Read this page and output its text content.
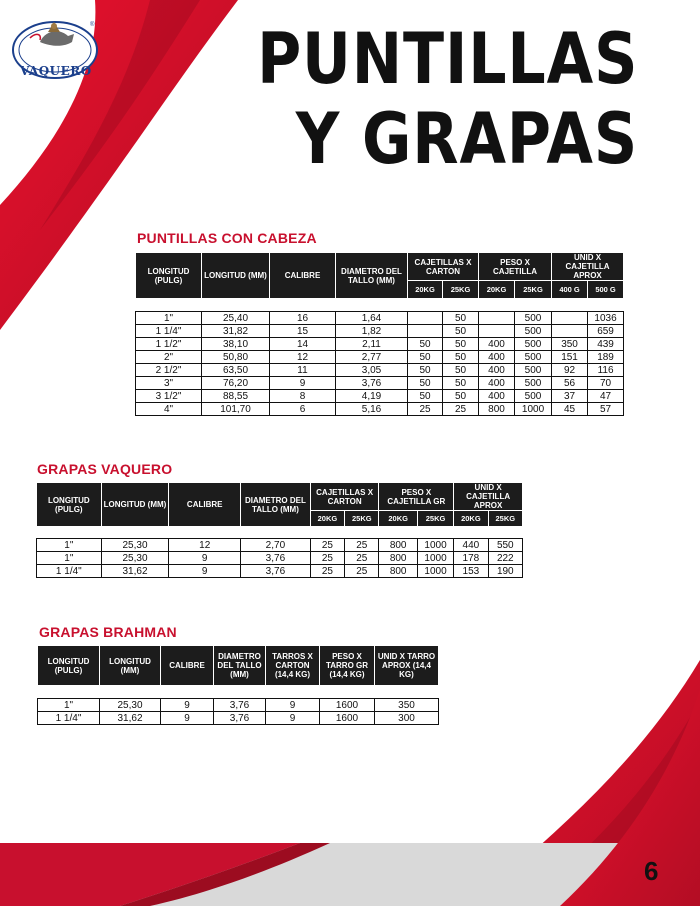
®
VAQUERO PUNTILLAS
Y GRAPAS
PUNTILLAS CON CABEZA
LONGITUD (PULG)	LONGITUD (MM)	CALIBRE	DIAMETRO DEL TALLO (MM)	CAJETILLAS X CARTON		PESO X CAJETILLA		UNID X CAJETILLA APROX	
				20KG	25KG	20KG	25KG	400 G	500 G

1"	25,40	16	1,64		50		500		1036
1 1/4"	31,82	15	1,82		50		500		659
1 1/2"	38,10	14	2,11	50	50	400	500	350	439
2"	50,80	12	2,77	50	50	400	500	151	189
2 1/2"	63,50	11	3,05	50	50	400	500	92	116
3"	76,20	9	3,76	50	50	400	500	56	70
3 1/2"	88,55	8	4,19	50	50	400	500	37	47
4"	101,70	6	5,16	25	25	800	1000	45	57
GRAPAS VAQUERO
LONGITUD (PULG)	LONGITUD (MM)	CALIBRE	DIAMETRO DEL TALLO (MM)	CAJETILLAS X CARTON		PESO X CAJETILLA GR		UNID X CAJETILLA APROX	
				20KG	25KG	20KG	25KG	20KG	25KG

1"	25,30	12	2,70	25	25	800	1000	440	550
1"	25,30	9	3,76	25	25	800	1000	178	222
1 1/4"	31,62	9	3,76	25	25	800	1000	153	190
GRAPAS BRAHMAN
LONGITUD (PULG)	LONGITUD (MM)	CALIBRE	DIAMETRO DEL TALLO (MM)	TARROS X CARTON (14,4 KG)	PESO X TARRO GR (14,4 KG)	UNID X TARRO APROX (14,4 KG)

1"	25,30	9	3,76	9	1600	350
1 1/4"	31,62	9	3,76	9	1600	300
6
